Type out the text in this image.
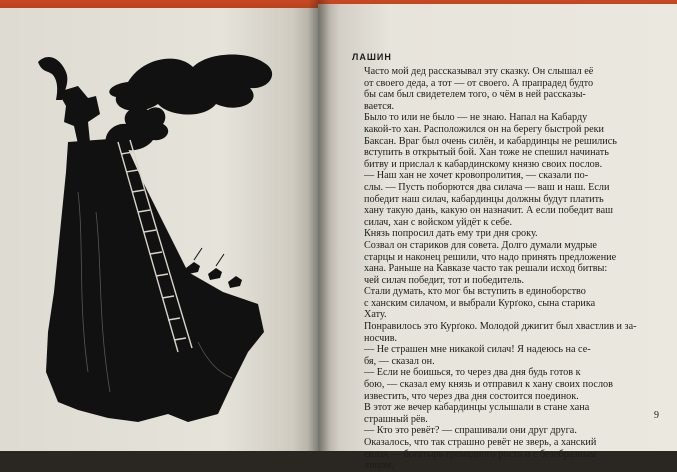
ЛАШИН
Часто мой дед рассказывал эту сказку. Он слышал её
от своего деда, а тот — от своего. А прапрадед будто
бы сам был свидетелем того, о чём в ней рассказы-
вается.
Было то или не было — не знаю. Напал на Кабарду
какой-то хан. Расположился он на берегу быстрой реки
Баксан. Враг был очень силён, и кабардинцы не решились
вступить в открытый бой. Хан тоже не спешил начинать
битву и прислал к кабардинскому князю своих послов.
— Наш хан не хочет кровопролития, — сказали по-
слы. — Пусть поборются два силача — ваш и наш. Если
победит наш силач, кабардинцы должны будут платить
хану такую дань, какую он назначит. А если победит ваш
силач, хан с войском уйдёт к себе.
Князь попросил дать ему три дня сроку.
Созвал он стариков для совета. Долго думали мудрые
старцы и наконец решили, что надо принять предложение
хана. Раньше на Кавказе часто так решали исход битвы:
чей силач победит, тот и победитель.
Стали думать, кто мог бы вступить в единоборство
с ханским силачом, и выбрали Курґоко, сына старика
Хату.
Понравилось это Курґоко. Молодой джигит был хвастлив и за-
носчив.
— Не страшен мне никакой силач! Я надеюсь на се-
бя, — сказал он.
— Если не боишься, то через два дня будь готов к
бою, — сказал ему князь и отправил к хану своих послов
известить, что через два дня состоится поединок.
В этот же вечер кабардинцы услышали в стане хана
страшный рёв.
— Кто это ревёт? — спрашивали они друг друга.
Оказалось, что так страшно ревёт не зверь, а ханский
силач — богатырь громадного роста и с безобразным
лицом.
9
